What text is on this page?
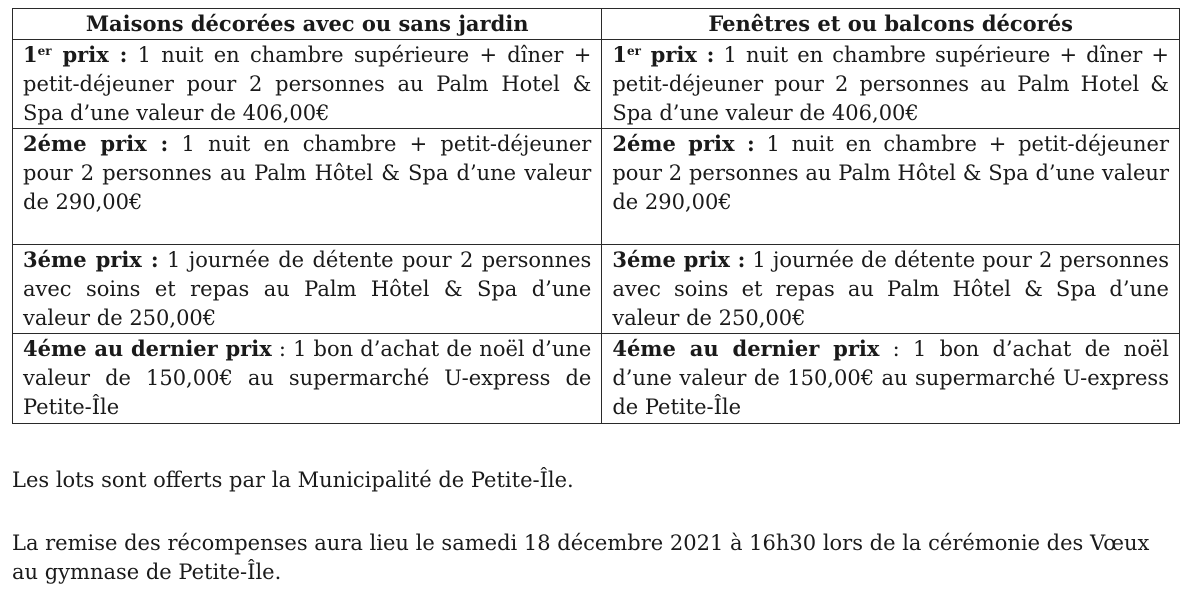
Maisons décorées avec ou sans jardin	Fenêtres et ou balcons décorés
1er prix : 1 nuit en chambre supérieure + dîner + petit-déjeuner pour 2 personnes au Palm Hotel & Spa d’une valeur de 406,00€	1er prix : 1 nuit en chambre supérieure + dîner + petit-déjeuner pour 2 personnes au Palm Hotel & Spa d’une valeur de 406,00€
2éme prix : 1 nuit en chambre + petit-déjeuner pour 2 personnes au Palm Hôtel & Spa d’une valeur de 290,00€	2éme prix : 1 nuit en chambre + petit-déjeuner pour 2 personnes au Palm Hôtel & Spa d’une valeur de 290,00€
3éme prix : 1 journée de détente pour 2 personnes avec soins et repas au Palm Hôtel & Spa d’une valeur de 250,00€	3éme prix : 1 journée de détente pour 2 personnes avec soins et repas au Palm Hôtel & Spa d’une valeur de 250,00€
4éme au dernier prix : 1 bon d’achat de noël d’une valeur de 150,00€ au supermarché U-express de Petite-Île	4éme au dernier prix : 1 bon d’achat de noël d’une valeur de 150,00€ au supermarché U-express de Petite-Île

Les lots sont offerts par la Municipalité de Petite-Île.

La remise des récompenses aura lieu le samedi 18 décembre 2021 à 16h30 lors de la cérémonie des Vœux au gymnase de Petite-Île.
